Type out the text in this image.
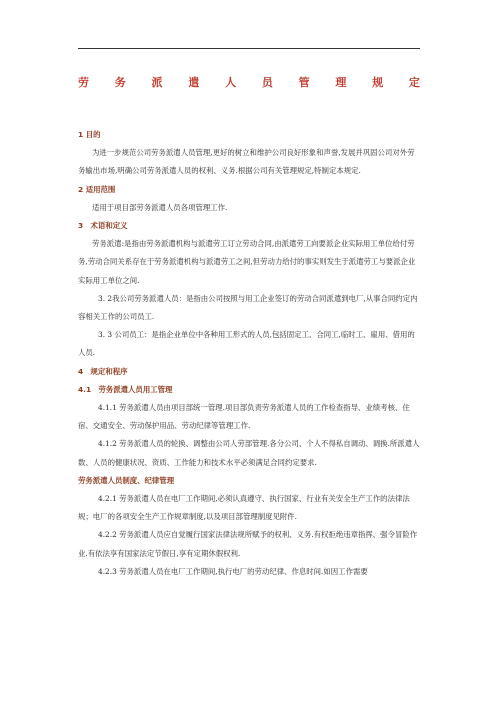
劳 务 派 遣 人 员 管 理 规 定

1 目的

为进一步规范公司劳务派遣人员管理,更好的树立和维护公司良好形象和声誉,发展并巩固公司对外劳务输出市场,明确公司劳务派遣人员的权利、义务.根据公司有关管理规定,特制定本规定.

2 适用范围

适用于项目部劳务派遣人员各项管理工作.

3　术语和定义

劳务派遣:是指由劳务派遣机构与派遣劳工订立劳动合同,由派遣劳工向要派企业实际用工单位给付劳务,劳动合同关系存在于劳务派遣机构与派遣劳工之间,但劳动力给付的事实则发生于派遣劳工与要派企业实际用工单位之间.

3. 2我公司劳务派遣人员：是指由公司按照与用工企业签订的劳动合同派遣到电厂,从事合同约定内容相关工作的公司员工.

3. 3 公司员工：是指企业单位中各种用工形式的人员,包括固定工、合同工,临时工、雇用、借用的人员.

4　规定和程序

4.1　劳务派遣人员用工管理

4.1.1 劳务派遣人员由项目部统一管理.项目部负责劳务派遣人员的工作检查指导、业绩考核、住宿、交通安全、劳动保护用品、劳动纪律等管理工作.

4.1.2 劳务派遣人员的轮换、调整由公司人劳部管理.各分公司、个人不得私自调动、调换.所派遣人数、人员的健康状况、资质、工作能力和技术水平必须满足合同约定要求.

劳务派遣人员制度、纪律管理

4.2.1 劳务派遣人员在电厂工作期间,必须认真遵守、执行国家、行业有关安全生产工作的法律法规；电厂的各项安全生产工作规章制度,以及项目部管理制度见附件.

4.2.2 劳务派遣人员应自觉履行国家法律法规所赋予的权利、义务.有权拒绝违章指挥、强令冒险作业.有依法享有国家法定节假日,享有定期休假权利.

4.2.3 劳务派遣人员在电厂工作期间,执行电厂的劳动纪律、作息时间.如因工作需要
